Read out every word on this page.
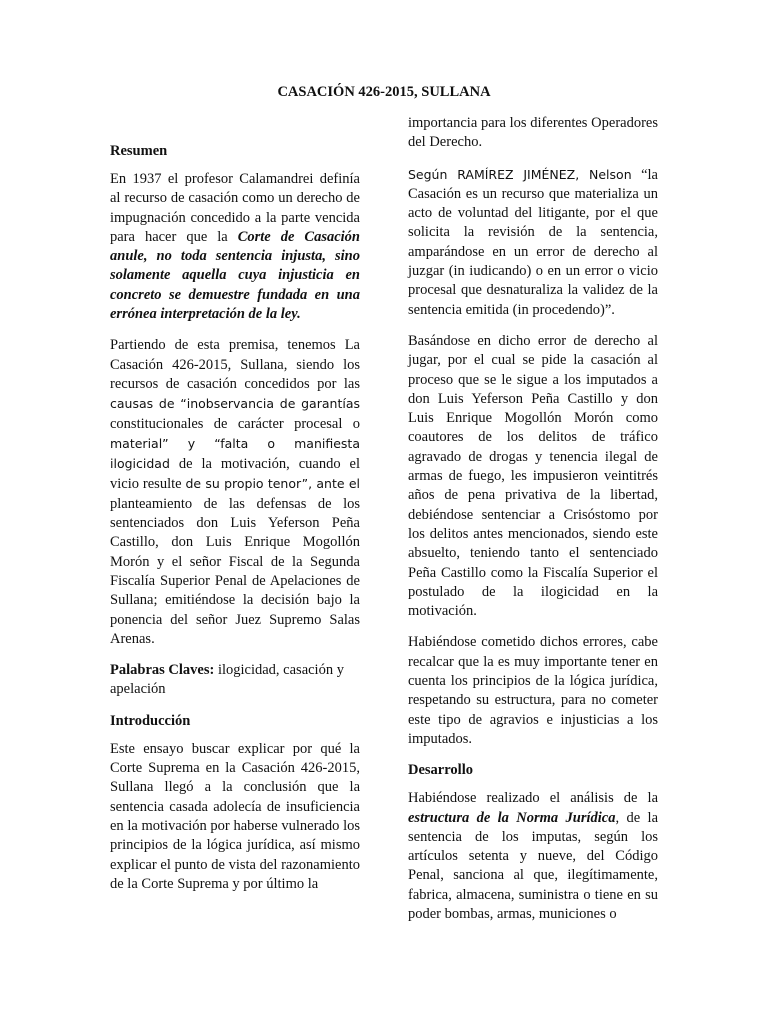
CASACIÓN 426-2015, SULLANA
Resumen

En 1937 el profesor Calamandrei definía al recurso de casación como un derecho de impugnación concedido a la parte vencida para hacer que la Corte de Casación anule, no toda sentencia injusta, sino solamente aquella cuya injusticia en concreto se demuestre fundada en una errónea interpretación de la ley.

Partiendo de esta premisa, tenemos La Casación 426-2015, Sullana, siendo los recursos de casación concedidos por las causas de “inobservancia de garantías constitucionales de carácter procesal o material” y “falta o manifiesta ilogicidad de la motivación, cuando el vicio resulte de su propio tenor”, ante el planteamiento de las defensas de los sentenciados don Luis Yeferson Peña Castillo, don Luis Enrique Mogollón Morón y el señor Fiscal de la Segunda Fiscalía Superior Penal de Apelaciones de Sullana; emitiéndose la decisión bajo la ponencia del señor Juez Supremo Salas Arenas.

Palabras Claves: ilogicidad, casación y apelación

Introducción

Este ensayo buscar explicar por qué la Corte Suprema en la Casación 426-2015, Sullana llegó a la conclusión que la sentencia casada adolecía de insuficiencia en la motivación por haberse vulnerado los principios de la lógica jurídica, así mismo explicar el punto de vista del razonamiento de la Corte Suprema y por último la

importancia para los diferentes Operadores del Derecho.

Según RAMÍREZ JIMÉNEZ, Nelson “la Casación es un recurso que materializa un acto de voluntad del litigante, por el que solicita la revisión de la sentencia, amparándose en un error de derecho al juzgar (in iudicando) o en un error o vicio procesal que desnaturaliza la validez de la sentencia emitida (in procedendo)”.

Basándose en dicho error de derecho al jugar, por el cual se pide la casación al proceso que se le sigue a los imputados a don Luis Yeferson Peña Castillo y don Luis Enrique Mogollón Morón como coautores de los delitos de tráfico agravado de drogas y tenencia ilegal de armas de fuego, les impusieron veintitrés años de pena privativa de la libertad, debiéndose sentenciar a Crisóstomo por los delitos antes mencionados, siendo este absuelto, teniendo tanto el sentenciado Peña Castillo como la Fiscalía Superior el postulado de la ilogicidad en la motivación.

Habiéndose cometido dichos errores, cabe recalcar que la es muy importante tener en cuenta los principios de la lógica jurídica, respetando su estructura, para no cometer este tipo de agravios e injusticias a los imputados.

Desarrollo

Habiéndose realizado el análisis de la estructura de la Norma Jurídica, de la sentencia de los imputas, según los artículos setenta y nueve, del Código Penal, sanciona al que, ilegítimamente, fabrica, almacena, suministra o tiene en su poder bombas, armas, municiones o
